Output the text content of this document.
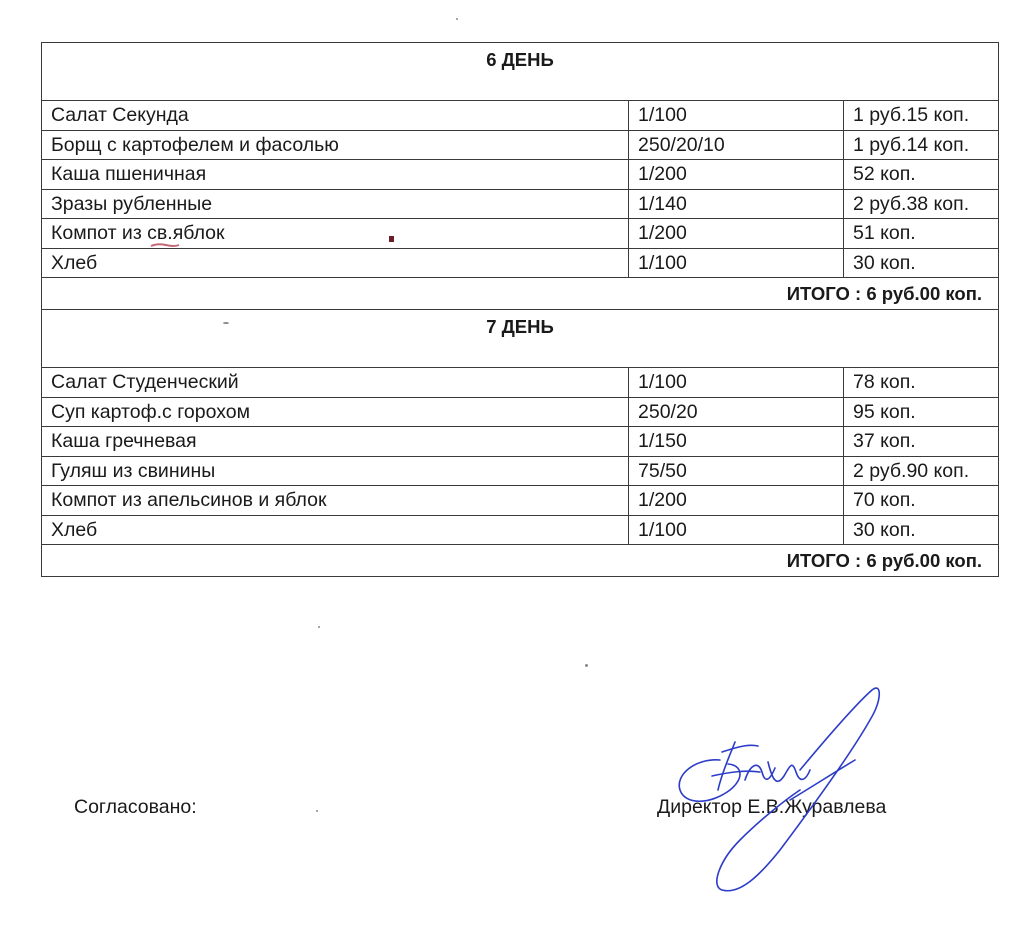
6 ДЕНЬ		
Салат Секунда	1/100	1 руб.15 коп.
Борщ с картофелем и фасолью	250/20/10	1 руб.14 коп.
Каша пшеничная	1/200	52 коп.
Зразы рубленные	1/140	2 руб.38 коп.
Компот из св.яблок	1/200	51 коп.
Хлеб	1/100	30 коп.
ИТОГО : 6 руб.00 коп.		
7 ДЕНЬ		
Салат Студенческий	1/100	78 коп.
Суп картоф.с горохом	250/20	95 коп.
Каша гречневая	1/150	37 коп.
Гуляш из свинины	75/50	2 руб.90 коп.
Компот из апельсинов и яблок	1/200	70 коп.
Хлеб	1/100	30 коп.
ИТОГО : 6 руб.00 коп.		
Согласовано:	Директор Е.В.Журавлева
